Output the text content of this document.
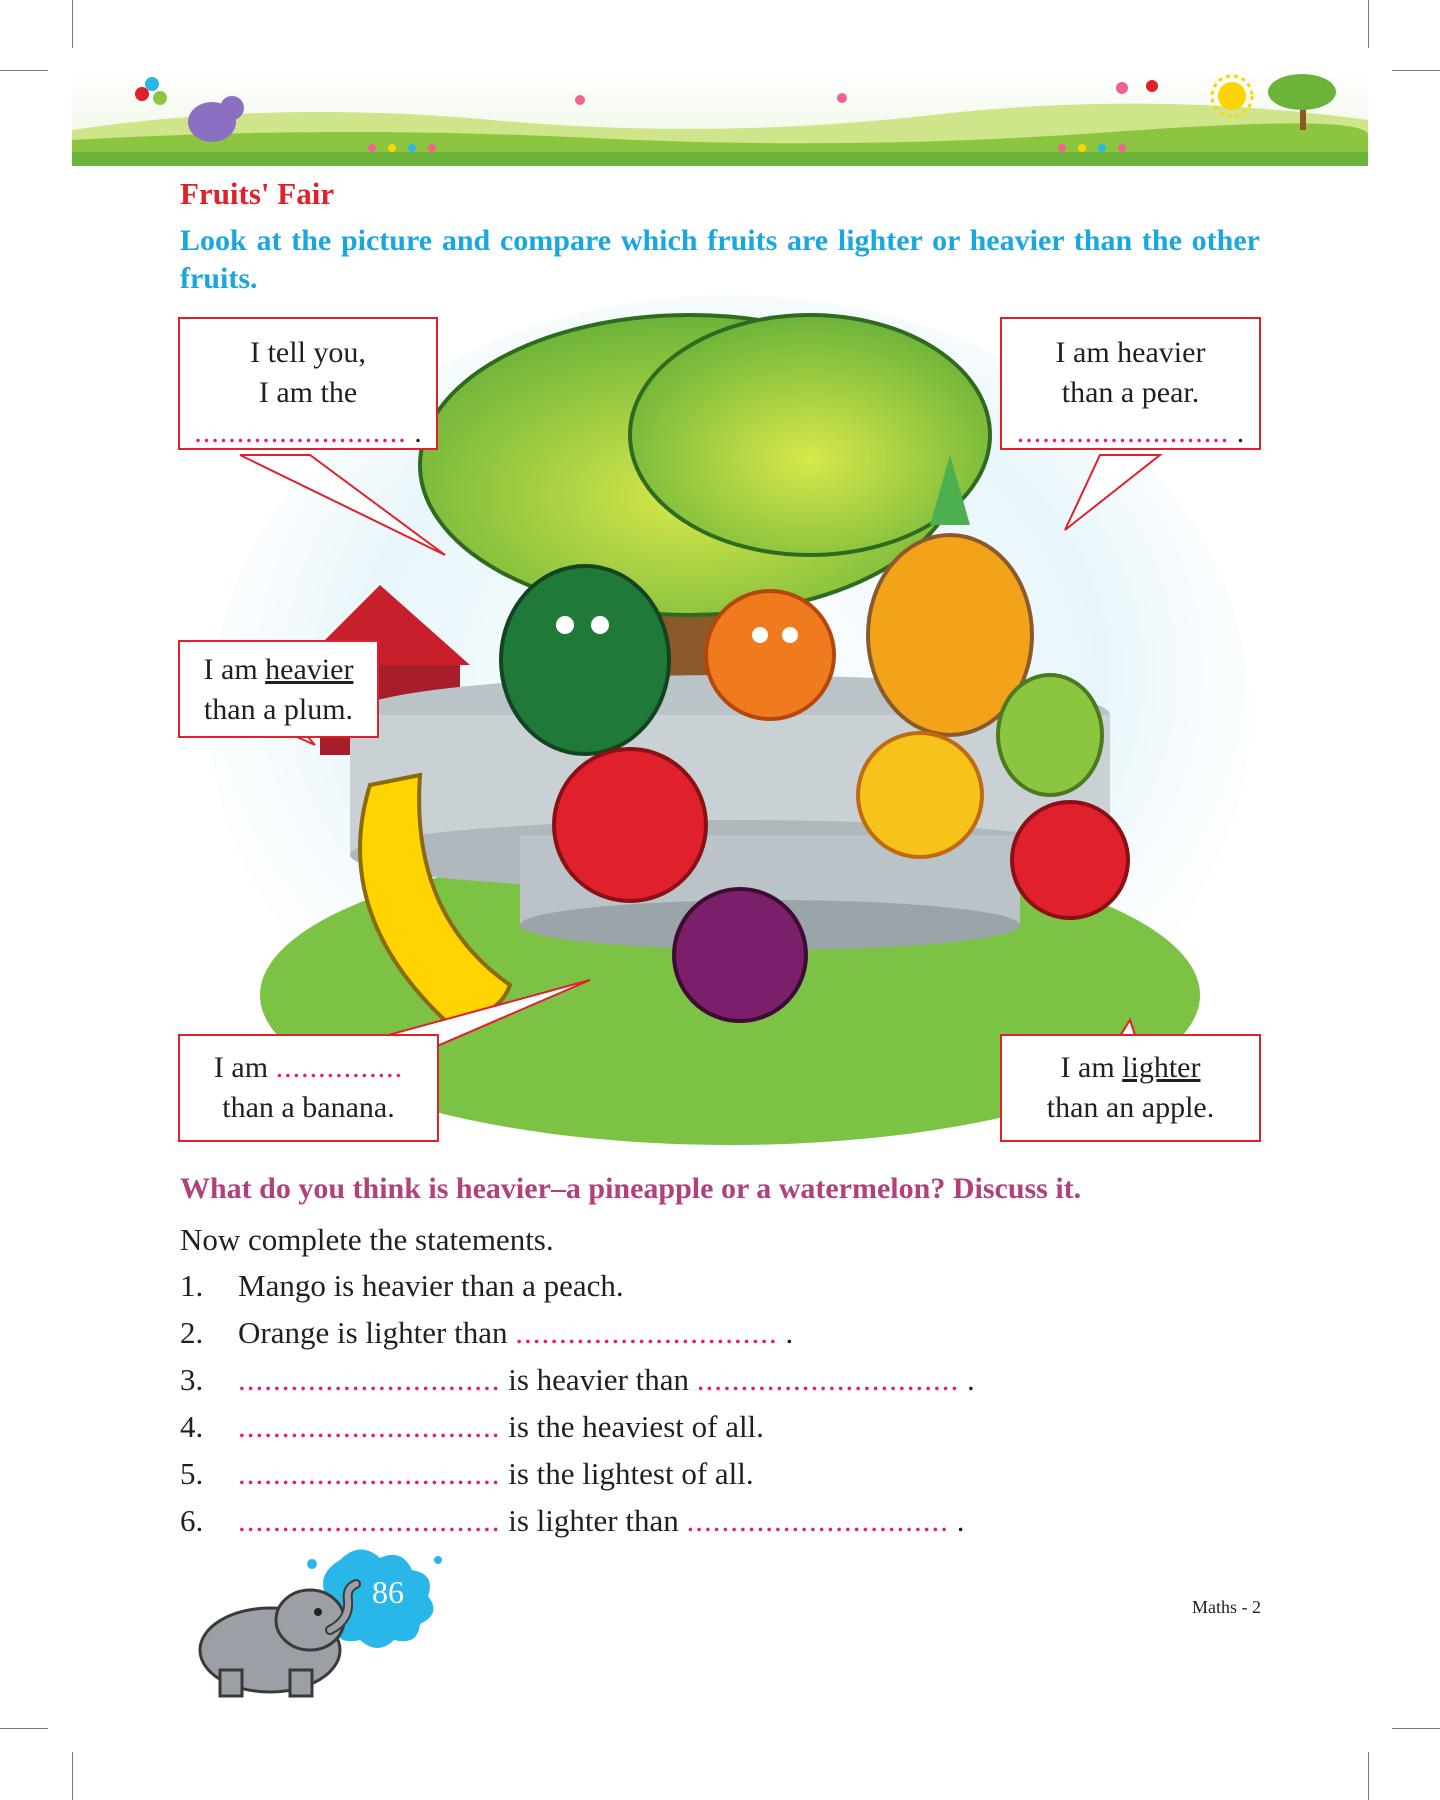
Fruits' Fair

Look at the picture and compare which fruits are lighter or heavier than the other fruits.

I tell you,
I am the
......................... .
I am heavier
than a pear.
......................... .
I am heavier
than a plum.
I am ...............
than a banana.
I am lighter
than an apple.

What do you think is heavier–a pineapple or a watermelon? Discuss it.

Now complete the statements.

1. Mango is heavier than a peach.

2. Orange is lighter than .............................. .

3. .............................. is heavier than .............................. .

4. .............................. is the heaviest of all.

5. .............................. is the lightest of all.

6. .............................. is lighter than .............................. .

86	Maths - 2
